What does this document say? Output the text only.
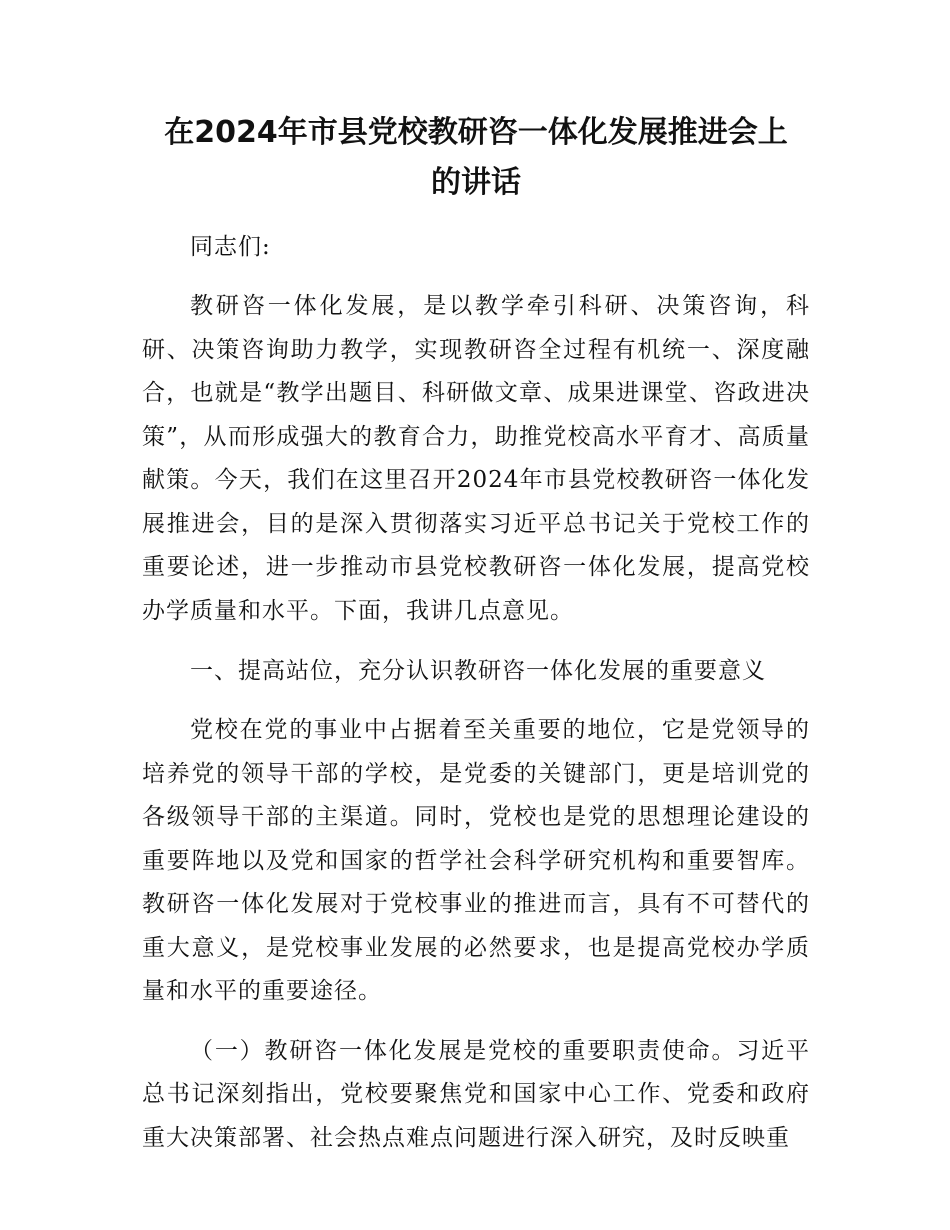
在2024年市县党校教研咨一体化发展推进会上
的讲话

同志们:

教研咨一体化发展，是以教学牵引科研、决策咨询，科研、决策咨询助力教学，实现教研咨全过程有机统一、深度融合，也就是“教学出题目、科研做文章、成果进课堂、咨政进决策”，从而形成强大的教育合力，助推党校高水平育才、高质量献策。今天，我们在这里召开2024年市县党校教研咨一体化发展推进会，目的是深入贯彻落实习近平总书记关于党校工作的重要论述，进一步推动市县党校教研咨一体化发展，提高党校办学质量和水平。下面，我讲几点意见。

一、提高站位，充分认识教研咨一体化发展的重要意义

党校在党的事业中占据着至关重要的地位，它是党领导的培养党的领导干部的学校，是党委的关键部门，更是培训党的各级领导干部的主渠道。同时，党校也是党的思想理论建设的重要阵地以及党和国家的哲学社会科学研究机构和重要智库。教研咨一体化发展对于党校事业的推进而言，具有不可替代的重大意义，是党校事业发展的必然要求，也是提高党校办学质量和水平的重要途径。

（一）教研咨一体化发展是党校的重要职责使命。习近平总书记深刻指出，党校要聚焦党和国家中心工作、党委和政府重大决策部署、社会热点难点问题进行深入研究，及时反映重
